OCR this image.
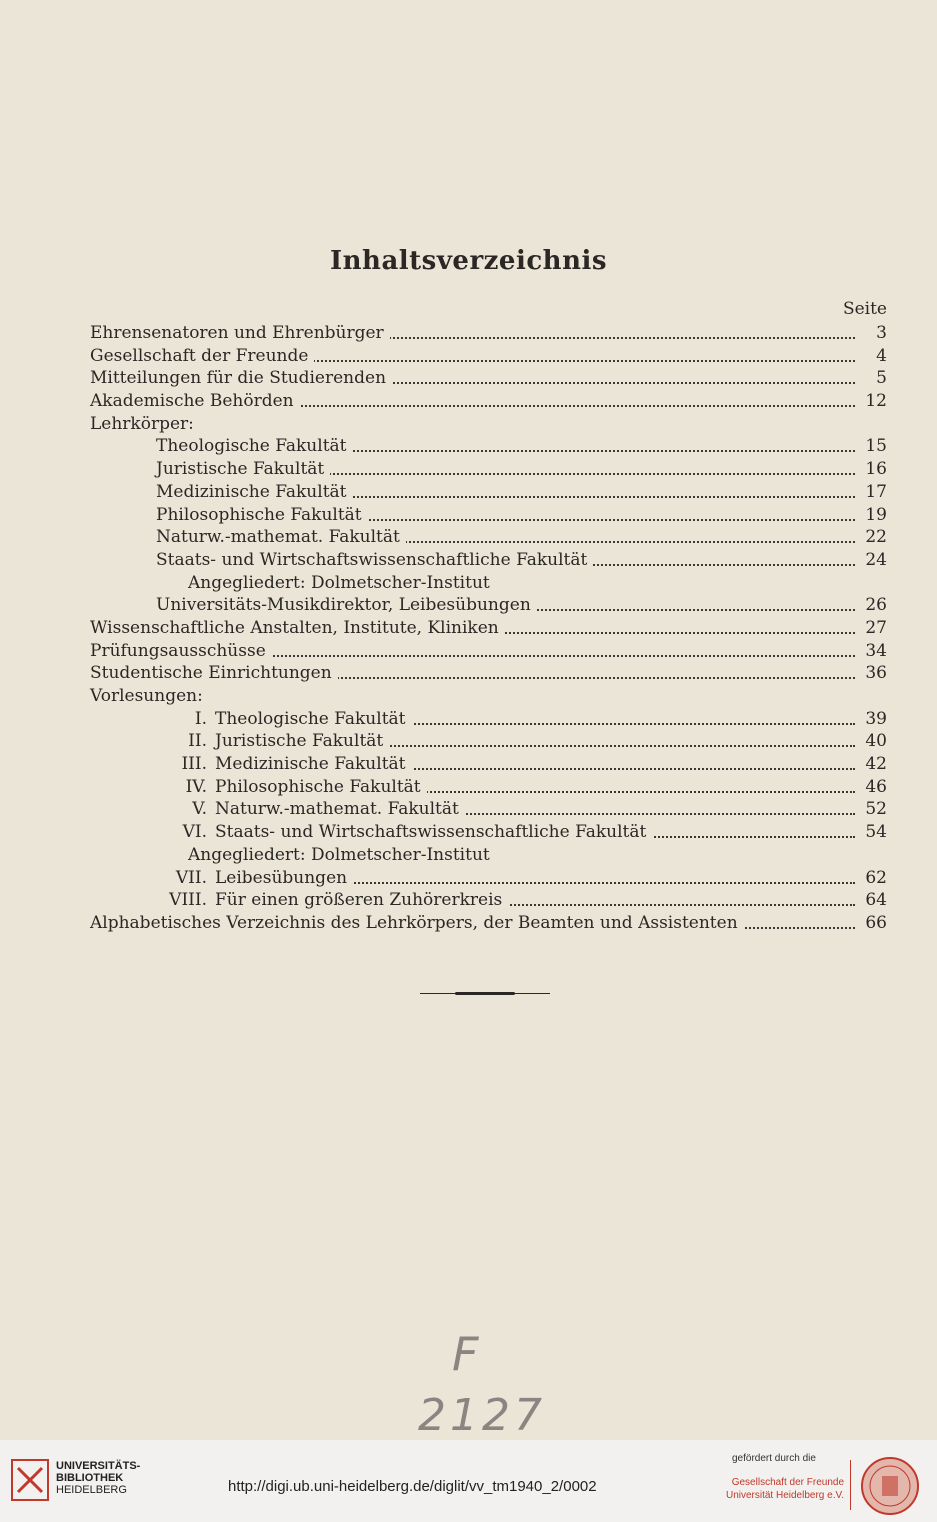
Inhaltsverzeichnis
Seite
Ehrensenatoren und Ehrenbürger	3
Gesellschaft der Freunde	4
Mitteilungen für die Studierenden	5
Akademische Behörden	12
Lehrkörper:
Theologische Fakultät	15
Juristische Fakultät	16
Medizinische Fakultät	17
Philosophische Fakultät	19
Naturw.-mathemat. Fakultät	22
Staats- und Wirtschaftswissenschaftliche Fakultät	24
Angegliedert: Dolmetscher-Institut
Universitäts-Musikdirektor, Leibesübungen	26
Wissenschaftliche Anstalten, Institute, Kliniken	27
Prüfungsausschüsse	34
Studentische Einrichtungen	36
Vorlesungen:
I. Theologische Fakultät	39
II. Juristische Fakultät	40
III. Medizinische Fakultät	42
IV. Philosophische Fakultät	46
V. Naturw.-mathemat. Fakultät	52
VI. Staats- und Wirtschaftswissenschaftliche Fakultät	54
Angegliedert: Dolmetscher-Institut
VII. Leibesübungen	62
VIII. Für einen größeren Zuhörerkreis	64
Alphabetisches Verzeichnis des Lehrkörpers, der Beamten und Assistenten	66
F
2127
UNIVERSITÄTS-
BIBLIOTHEK
HEIDELBERG	http://digi.ub.uni-heidelberg.de/diglit/vv_tm1940_2/0002
gefördert durch die
Gesellschaft der Freunde
Universität Heidelberg e.V.
